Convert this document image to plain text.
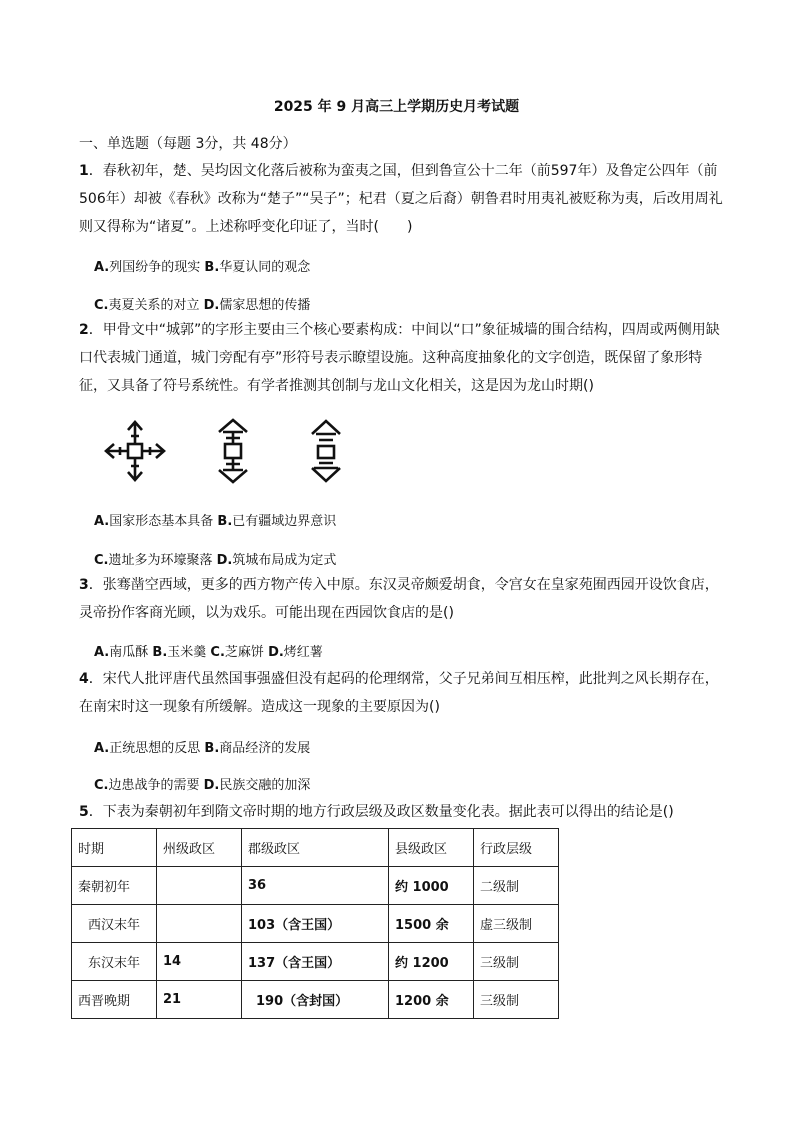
2025 年 9 月高三上学期历史月考试题
一、单选题（每题 3分，共 48分）
1．春秋初年，楚、吴均因文化落后被称为蛮夷之国，但到鲁宣公十二年（前597年）及鲁定公四年（前506年）却被《春秋》改称为“楚子”“吴子”；杞君（夏之后裔）朝鲁君时用夷礼被贬称为夷，后改用周礼则又得称为“诸夏”。上述称呼变化印证了，当时(　　)
A.列国纷争的现实 B.华夏认同的观念
C.夷夏关系的对立 D.儒家思想的传播
2．甲骨文中“城郭”的字形主要由三个核心要素构成：中间以“口”象征城墙的围合结构，四周或两侧用缺口代表城门通道，城门旁配有亭”形符号表示瞭望设施。这种高度抽象化的文字创造，既保留了象形特征，又具备了符号系统性。有学者推测其创制与龙山文化相关，这是因为龙山时期()
A.国家形态基本具备 B.已有疆域边界意识
C.遗址多为环壕聚落 D.筑城布局成为定式
3．张骞凿空西域，更多的西方物产传入中原。东汉灵帝颇爱胡食，令宫女在皇家苑囿西园开设饮食店，灵帝扮作客商光顾，以为戏乐。可能出现在西园饮食店的是()
A.南瓜酥 B.玉米羹 C.芝麻饼 D.烤红薯
4．宋代人批评唐代虽然国事强盛但没有起码的伦理纲常，父子兄弟间互相压榨，此批判之风长期存在，在南宋时这一现象有所缓解。造成这一现象的主要原因为()
A.正统思想的反思 B.商品经济的发展
C.边患战争的需要 D.民族交融的加深
5．下表为秦朝初年到隋文帝时期的地方行政层级及政区数量变化表。据此表可以得出的结论是()
时期	州级政区	郡级政区	县级政区	行政层级
秦朝初年		36	约 1000	二级制
西汉末年		103（含王国）	1500 余	虚三级制
东汉末年	14	137（含王国）	约 1200	三级制
西晋晚期	21	190（含封国）	1200 余	三级制
